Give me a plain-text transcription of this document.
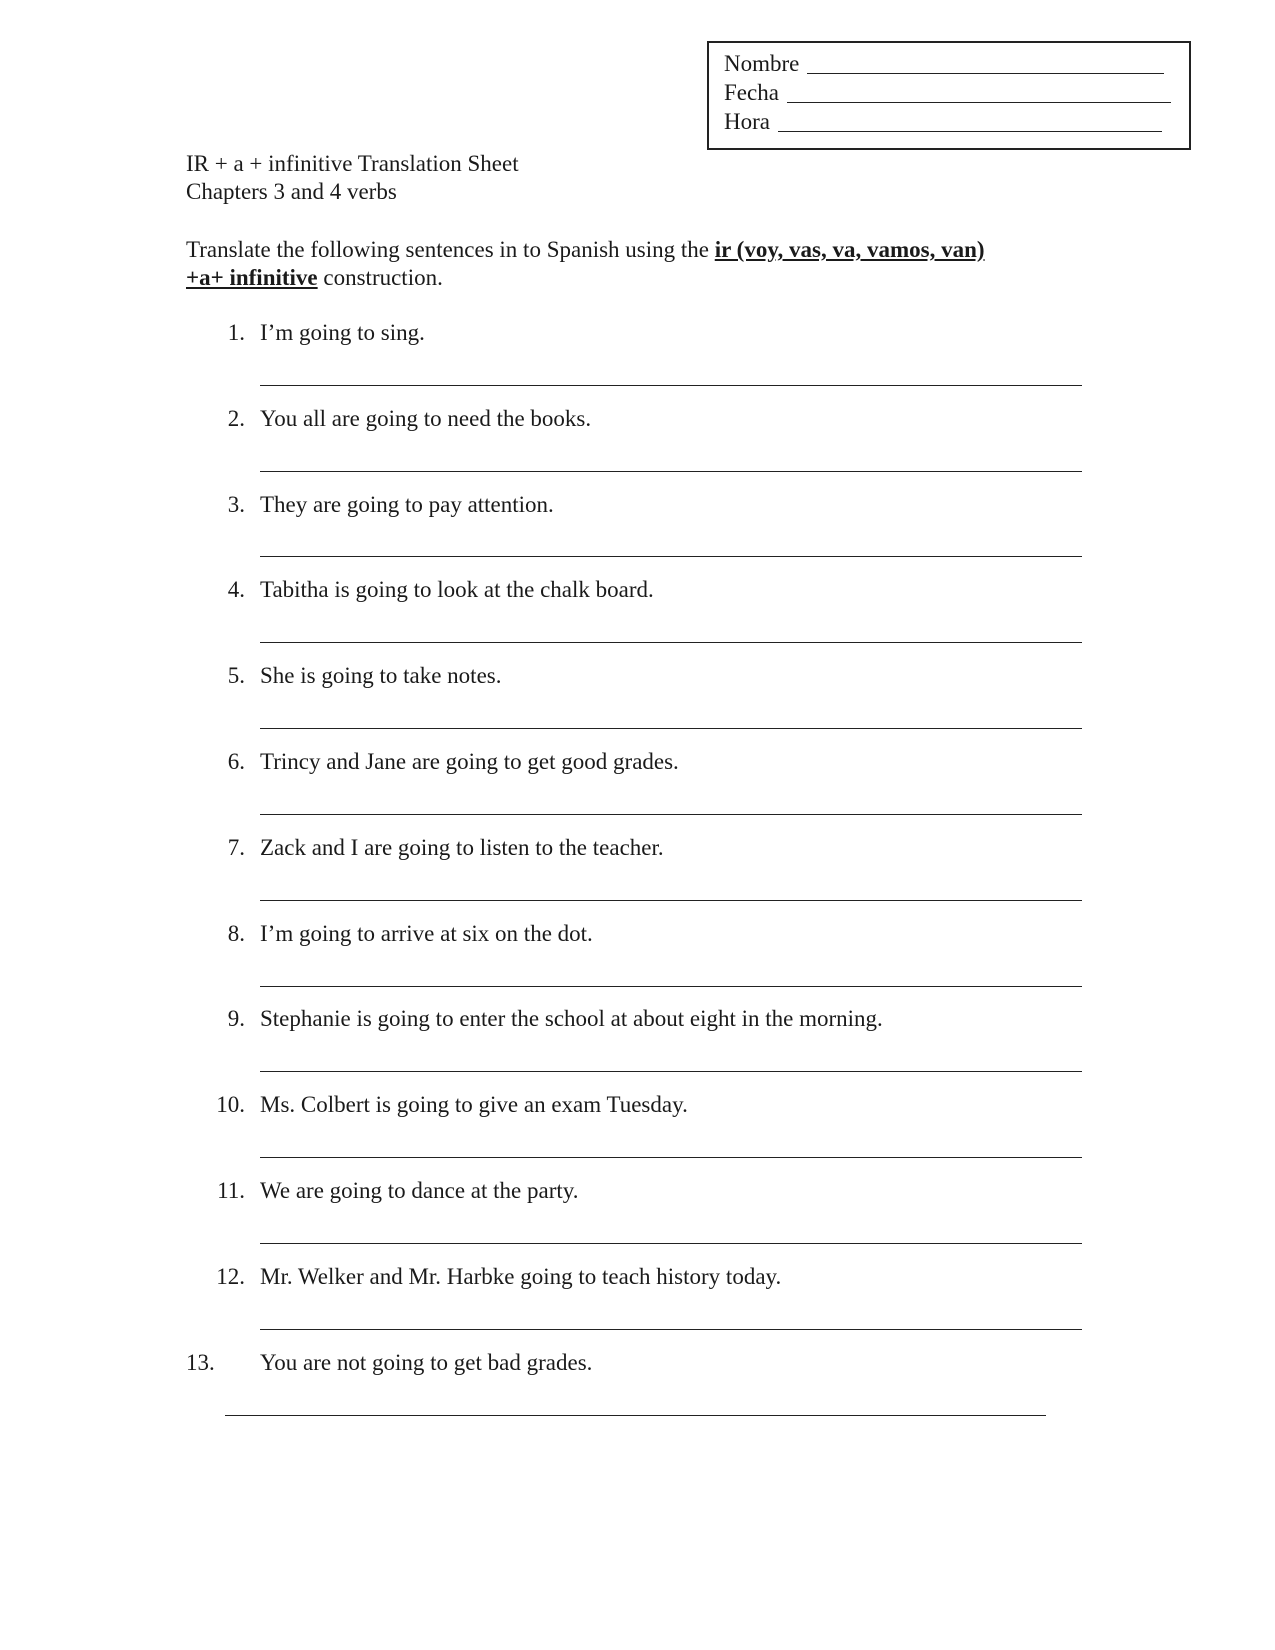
Nombre
Fecha
Hora
IR + a + infinitive Translation Sheet
Chapters 3 and 4 verbs
Translate the following sentences in to Spanish using the ir (voy, vas, va, vamos, van)
+a+ infinitive construction.
1. I’m going to sing.
2. You all are going to need the books.
3. They are going to pay attention.
4. Tabitha is going to look at the chalk board.
5. She is going to take notes.
6. Trincy and Jane are going to get good grades.
7. Zack and I are going to listen to the teacher.
8. I’m going to arrive at six on the dot.
9. Stephanie is going to enter the school at about eight in the morning.
10. Ms. Colbert is going to give an exam Tuesday.
11. We are going to dance at the party.
12. Mr. Welker and Mr. Harbke going to teach history today.
13. You are not going to get bad grades.
